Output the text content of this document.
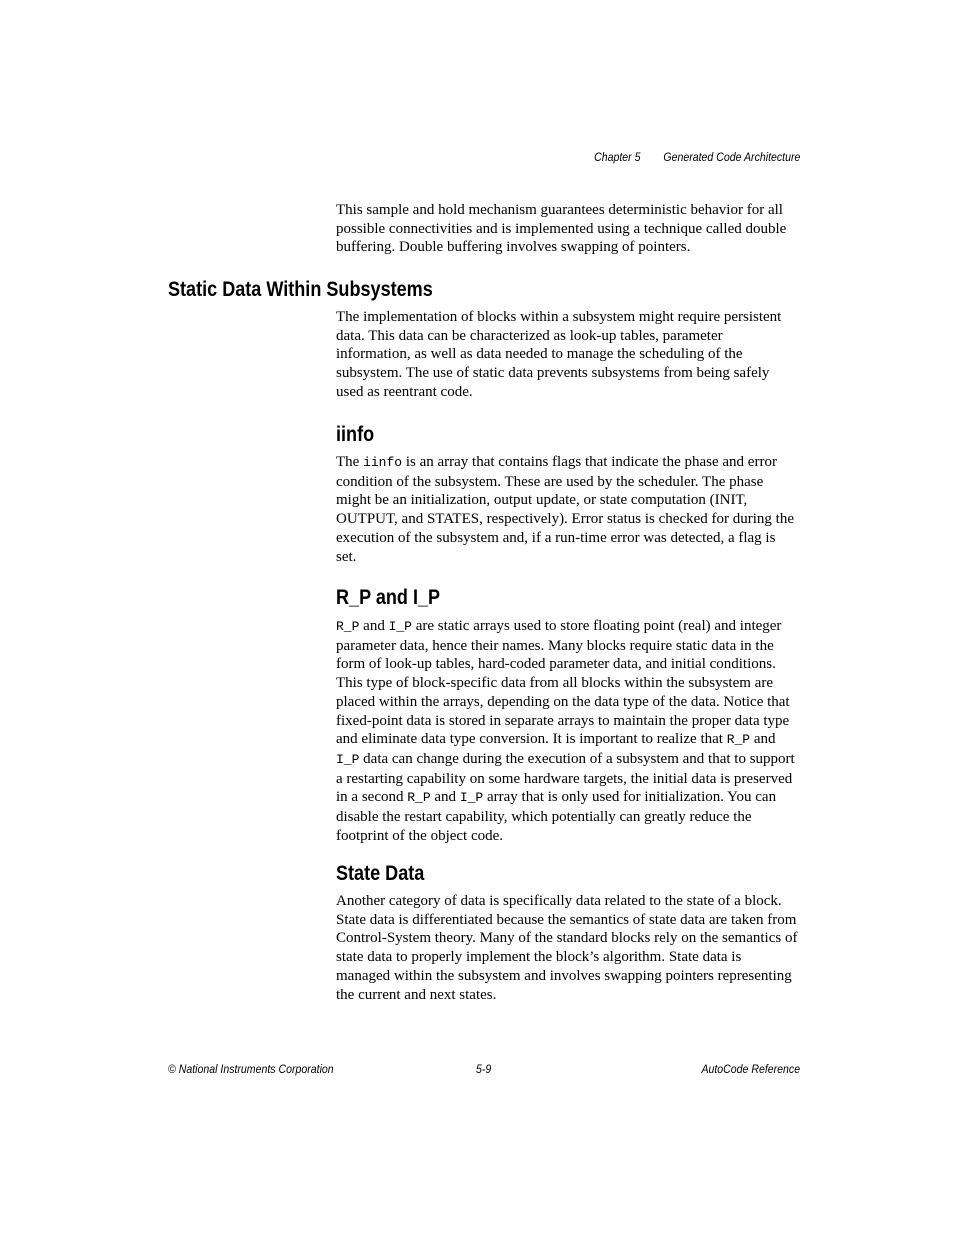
Chapter 5 Generated Code Architecture

This sample and hold mechanism guarantees deterministic behavior for all possible connectivities and is implemented using a technique called double buffering. Double buffering involves swapping of pointers.

Static Data Within Subsystems

The implementation of blocks within a subsystem might require persistent data. This data can be characterized as look-up tables, parameter information, as well as data needed to manage the scheduling of the subsystem. The use of static data prevents subsystems from being safely used as reentrant code.

iinfo

The iinfo is an array that contains flags that indicate the phase and error condition of the subsystem. These are used by the scheduler. The phase might be an initialization, output update, or state computation (INIT, OUTPUT, and STATES, respectively). Error status is checked for during the execution of the subsystem and, if a run-time error was detected, a flag is set.

R_P and I_P

R_P and I_P are static arrays used to store floating point (real) and integer parameter data, hence their names. Many blocks require static data in the form of look-up tables, hard-coded parameter data, and initial conditions. This type of block-specific data from all blocks within the subsystem are placed within the arrays, depending on the data type of the data. Notice that fixed-point data is stored in separate arrays to maintain the proper data type and eliminate data type conversion. It is important to realize that R_P and I_P data can change during the execution of a subsystem and that to support a restarting capability on some hardware targets, the initial data is preserved in a second R_P and I_P array that is only used for initialization. You can disable the restart capability, which potentially can greatly reduce the footprint of the object code.

State Data

Another category of data is specifically data related to the state of a block. State data is differentiated because the semantics of state data are taken from Control-System theory. Many of the standard blocks rely on the semantics of state data to properly implement the block’s algorithm. State data is managed within the subsystem and involves swapping pointers representing the current and next states.

© National Instruments Corporation	5-9	AutoCode Reference
